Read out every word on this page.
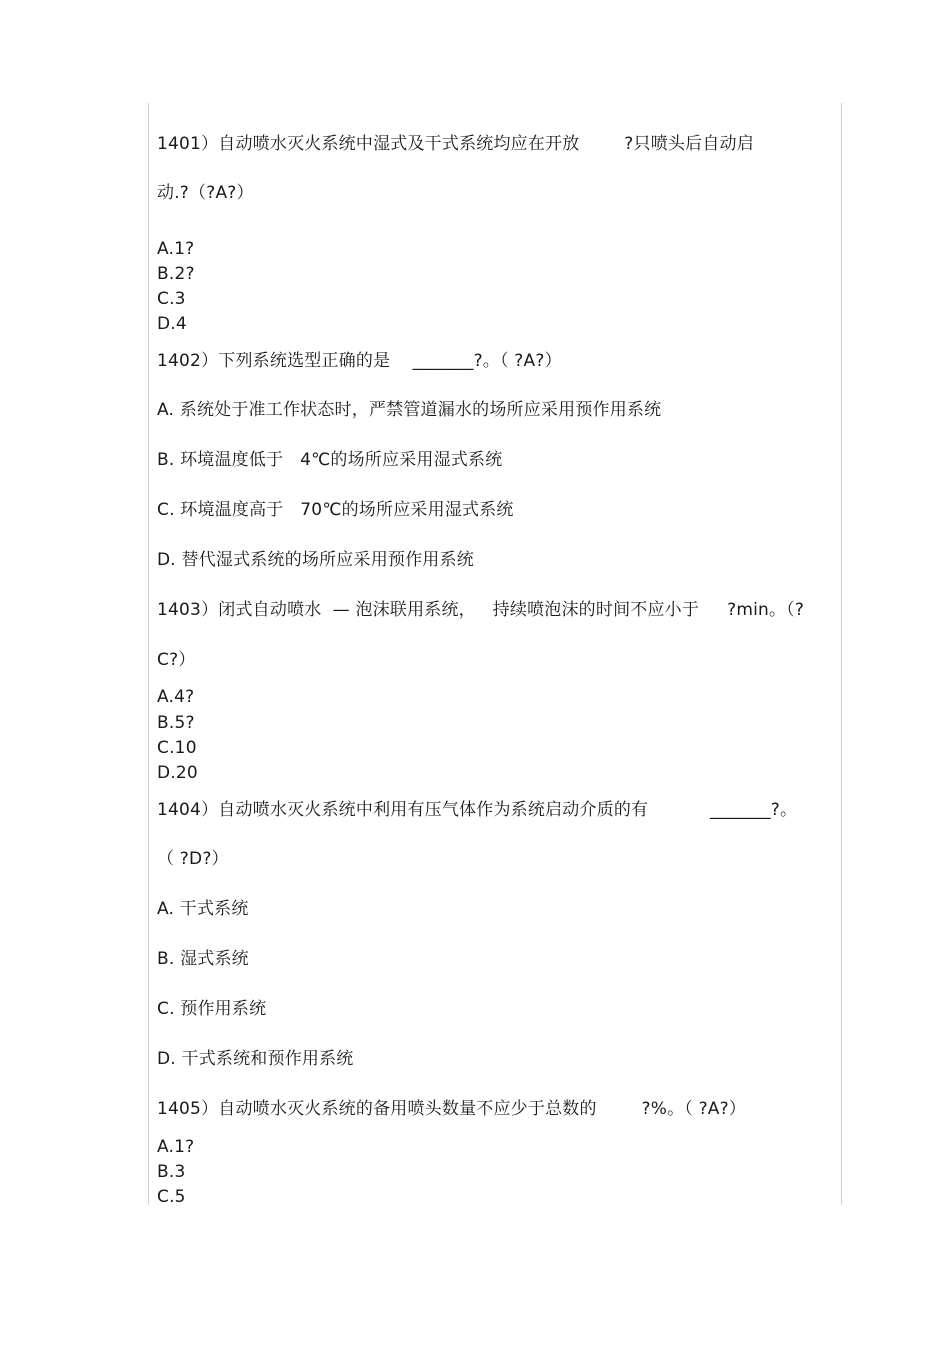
1401）自动喷水灭火系统中湿式及干式系统均应在开放        ?只喷头后自动启
动.?（?A?）
A.1?
B.2?
C.3
D.4
1402）下列系统选型正确的是    _______?。（ ?A?）
A. 系统处于准工作状态时，严禁管道漏水的场所应采用预作用系统
B. 环境温度低于   4℃的场所应采用湿式系统
C. 环境温度高于   70℃的场所应采用湿式系统
D. 替代湿式系统的场所应采用预作用系统
1403）闭式自动喷水  — 泡沫联用系统，   持续喷泡沫的时间不应小于     ?min。（?
C?）
A.4?
B.5?
C.10
D.20
1404）自动喷水灭火系统中利用有压气体作为系统启动介质的有           _______?。
（ ?D?）
A. 干式系统
B. 湿式系统
C. 预作用系统
D. 干式系统和预作用系统
1405）自动喷水灭火系统的备用喷头数量不应少于总数的        ?%。（ ?A?）
A.1?
B.3
C.5
